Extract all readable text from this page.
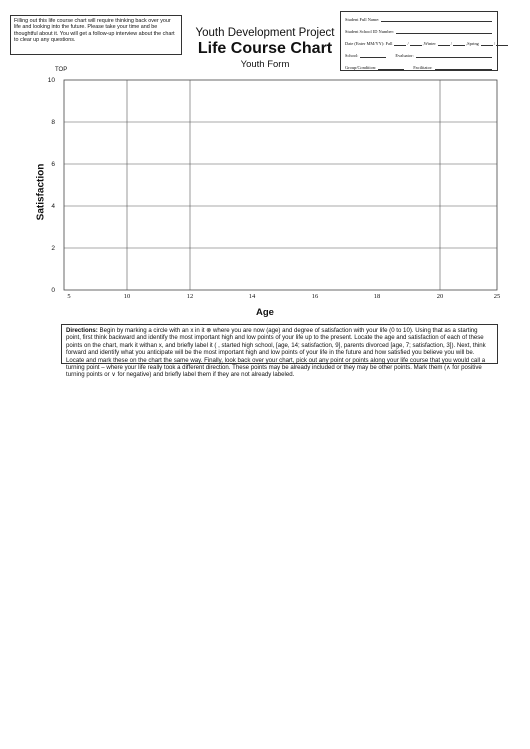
Filling out this life course chart will require thinking back over your life and looking into the future. Please take your time and be thoughtful about it. You will get a follow-up interview about the chart to clear up any questions.
Youth Development Project
Life Course Chart
Youth Form
Student Full Name:
Student School ID Number:
Date (Enter MM/YY): Fall	/	, Winter	/	, Spring	/
School:	Evaluator:
Group/Condition:	Facilitator:
TOP
Satisfaction
Age
0
2
4
6
8
10
5	10	12	14	16	18	20	25
Directions: Begin by marking a circle with an x in it ⊗ where you are now (age) and degree of satisfaction with your life (0 to 10). Using that as a starting point, first think backward and identify the most important high and low points of your life up to the present. Locate the age and satisfaction of each of these points on the chart, mark it withan x, and briefly label it ( , started high school, [age, 14; satisfaction, 9], parents divorced [age, 7; satisfaction, 3]). Next, think forward and identify what you anticipate will be the most important high and low points of your life in the future and how satisfied you believe you will be. Locate and mark these on the chart the same way. Finally, look back over your chart, pick out any point or points along your life course that you would call a turning point – where your life really took a different direction. These points may be already included or they may be other points. Mark them (∧ for positive turning points or ∨ for negative) and briefly label them if they are not already labeled.
